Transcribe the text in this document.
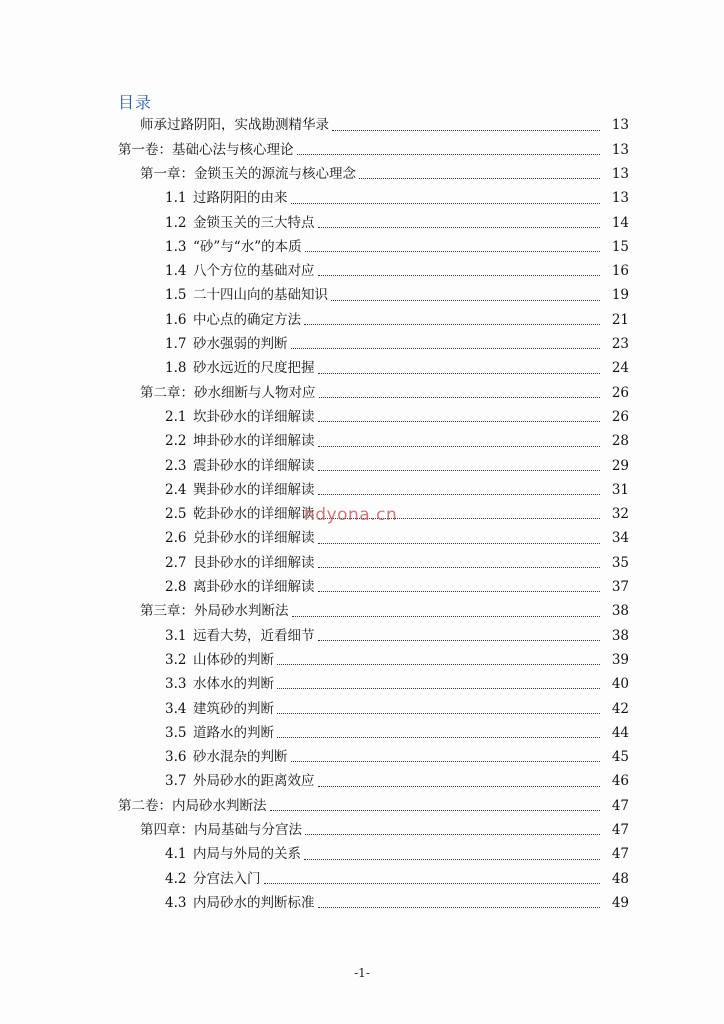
目录
师承过路阴阳，实战勘测精华录	13
第一卷：基础心法与核心理论	13
第一章：金锁玉关的源流与核心理念	13
1.1 过路阴阳的由来	13
1.2 金锁玉关的三大特点	14
1.3 “砂”与“水”的本质	15
1.4 八个方位的基础对应	16
1.5 二十四山向的基础知识	19
1.6 中心点的确定方法	21
1.7 砂水强弱的判断	23
1.8 砂水远近的尺度把握	24
第二章：砂水细断与人物对应	26
2.1 坎卦砂水的详细解读	26
2.2 坤卦砂水的详细解读	28
2.3 震卦砂水的详细解读	29
2.4 巽卦砂水的详细解读	31
2.5 乾卦砂水的详细解读	32
2.6 兑卦砂水的详细解读	34
2.7 艮卦砂水的详细解读	35
2.8 离卦砂水的详细解读	37
第三章：外局砂水判断法	38
3.1 远看大势，近看细节	38
3.2 山体砂的判断	39
3.3 水体水的判断	40
3.4 建筑砂的判断	42
3.5 道路水的判断	44
3.6 砂水混杂的判断	45
3.7 外局砂水的距离效应	46
第二卷：内局砂水判断法	47
第四章：内局基础与分宫法	47
4.1 内局与外局的关系	47
4.2 分宫法入门	48
4.3 内局砂水的判断标准	49
hdyona.cn
-1-
